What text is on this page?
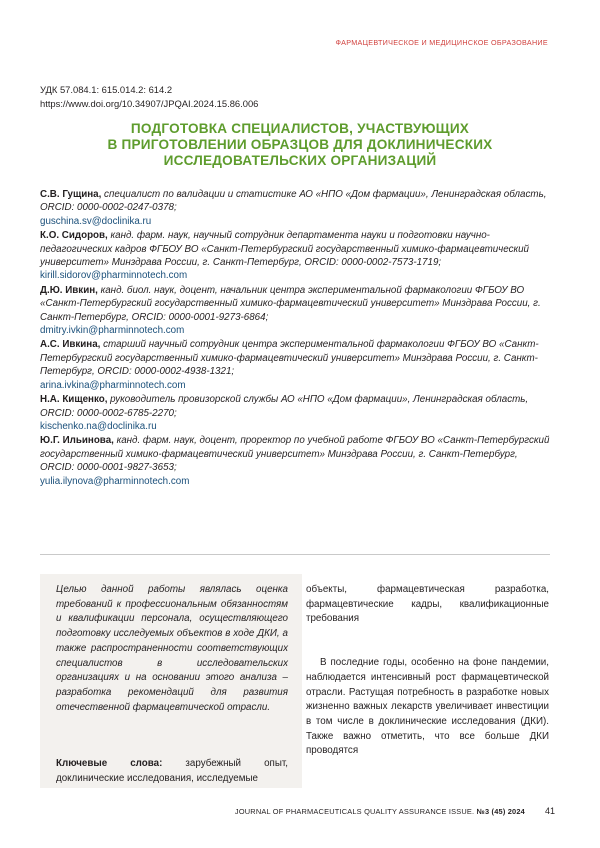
ФАРМАЦЕВТИЧЕСКОЕ И МЕДИЦИНСКОЕ ОБРАЗОВАНИЕ
УДК 57.084.1: 615.014.2: 614.2
https://www.doi.org/10.34907/JPQAI.2024.15.86.006
ПОДГОТОВКА СПЕЦИАЛИСТОВ, УЧАСТВУЮЩИХ
В ПРИГОТОВЛЕНИИ ОБРАЗЦОВ ДЛЯ ДОКЛИНИЧЕСКИХ
ИССЛЕДОВАТЕЛЬСКИХ ОРГАНИЗАЦИЙ

С.В. Гущина, специалист по валидации и статистике АО «НПО «Дом фармации», Ленинградская область, ORCID: 0000-0002-0247-0378;
guschina.sv@doclinika.ru

К.О. Сидоров, канд. фарм. наук, научный сотрудник департамента науки и подготовки научно-педагогических кадров ФГБОУ ВО «Санкт-Петербургский государственный химико-фармацевтический университет» Минздрава России, г. Санкт-Петербург, ORCID: 0000-0002-7573-1719;
kirill.sidorov@pharminnotech.com

Д.Ю. Ивкин, канд. биол. наук, доцент, начальник центра экспериментальной фармакологии ФГБОУ ВО «Санкт-Петербургский государственный химико-фармацевтический университет» Минздрава России, г. Санкт-Петербург, ORCID: 0000-0001-9273-6864;
dmitry.ivkin@pharminnotech.com

А.С. Ивкина, старший научный сотрудник центра экспериментальной фармакологии ФГБОУ ВО «Санкт-Петербургский государственный химико-фармацевтический университет» Минздрава России, г. Санкт-Петербург, ORCID: 0000-0002-4938-1321;
arina.ivkina@pharminnotech.com

Н.А. Кищенко, руководитель провизорской службы АО «НПО «Дом фармации», Ленинградская область, ORCID: 0000-0002-6785-2270;
kischenko.na@doclinika.ru

Ю.Г. Ильинова, канд. фарм. наук, доцент, проректор по учебной работе ФГБОУ ВО «Санкт-Петербургский государственный химико-фармацевтический университет» Минздрава России, г. Санкт-Петербург, ORCID: 0000-0001-9827-3653;
yulia.ilynova@pharminnotech.com

Целью данной работы являлась оценка требований к профессиональным обязанностям и квалификации персонала, осуществляющего подготовку исследуемых объектов в ходе ДКИ, а также распространенности соответствующих специалистов в исследовательских организациях и на основании этого анализа – разработка рекомендаций для развития отечественной фармацевтической отрасли.
Ключевые слова: зарубежный опыт, доклинические исследования, исследуемые

объекты, фармацевтическая разработка, фармацевтические кадры, квалификационные требования

В последние годы, особенно на фоне пандемии, наблюдается интенсивный рост фармацевтической отрасли. Растущая потребность в разработке новых жизненно важных лекарств увеличивает инвестиции в том числе в доклинические исследования (ДКИ). Также важно отметить, что все больше ДКИ проводятся

JOURNAL OF PHARMACEUTICALS QUALITY ASSURANCE ISSUE. №3 (45) 2024 41
